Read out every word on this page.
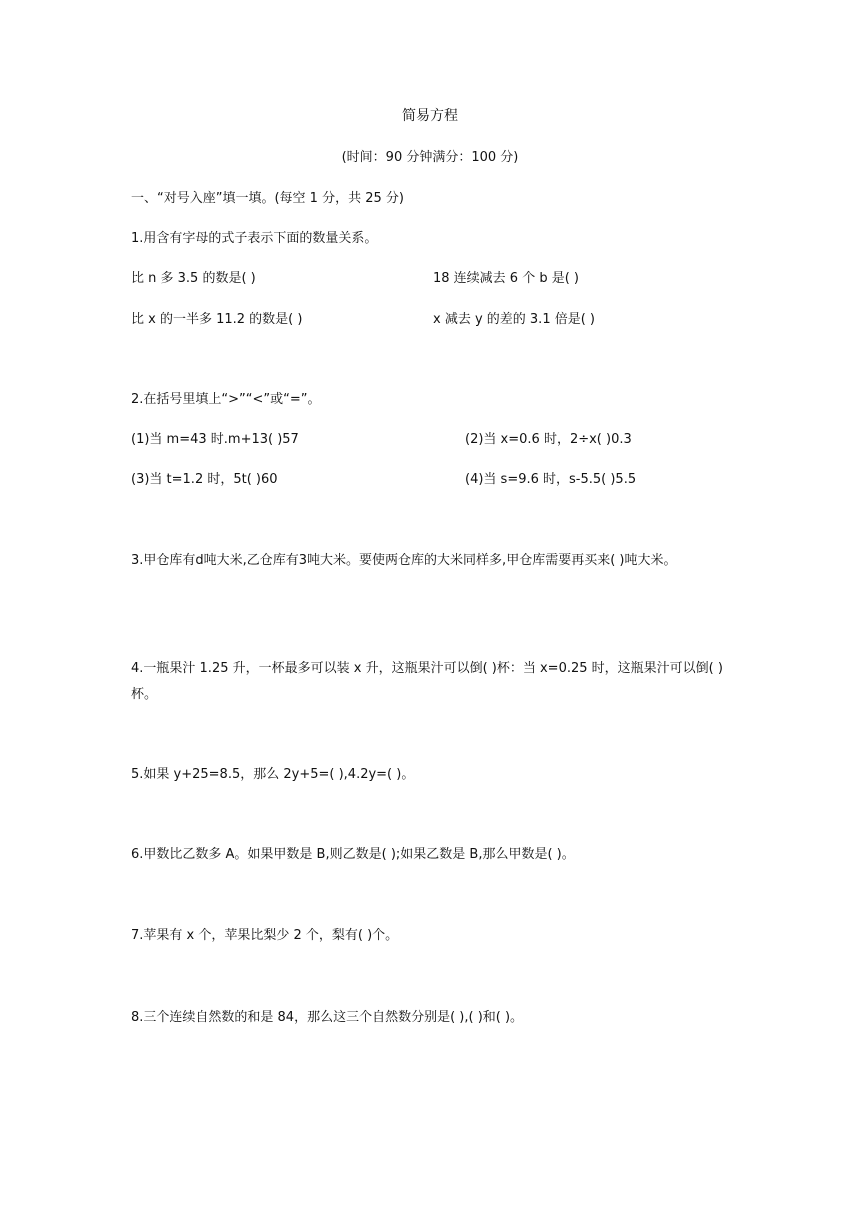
简易方程
(时间：90 分钟满分：100 分)
一、“对号入座”填一填。(每空 1 分，共 25 分)
1.用含有字母的式子表示下面的数量关系。
比 n 多 3.5 的数是( )	18 连续减去 6 个 b 是( )
比 x 的一半多 11.2 的数是( )	x 减去 y 的差的 3.1 倍是( )
2.在括号里填上“>”“<”或“=”。
(1)当 m=43 时.m+13( )57	(2)当 x=0.6 时，2÷x( )0.3
(3)当 t=1.2 时，5t( )60	(4)当 s=9.6 时，s-5.5( )5.5
3.甲仓库有d吨大米,乙仓库有3吨大米。要使两仓库的大米同样多,甲仓库需要再买来( )吨大米。
4.一瓶果汁 1.25 升，一杯最多可以装 x 升，这瓶果汁可以倒( )杯：当 x=0.25 时，这瓶果汁可以倒( )杯。
5.如果 y+25=8.5，那么 2y+5=( ),4.2y=( )。
6.甲数比乙数多 A。如果甲数是 B,则乙数是( );如果乙数是 B,那么甲数是( )。
7.苹果有 x 个，苹果比梨少 2 个，梨有( )个。
8.三个连续自然数的和是 84，那么这三个自然数分别是( ),( )和( )。
